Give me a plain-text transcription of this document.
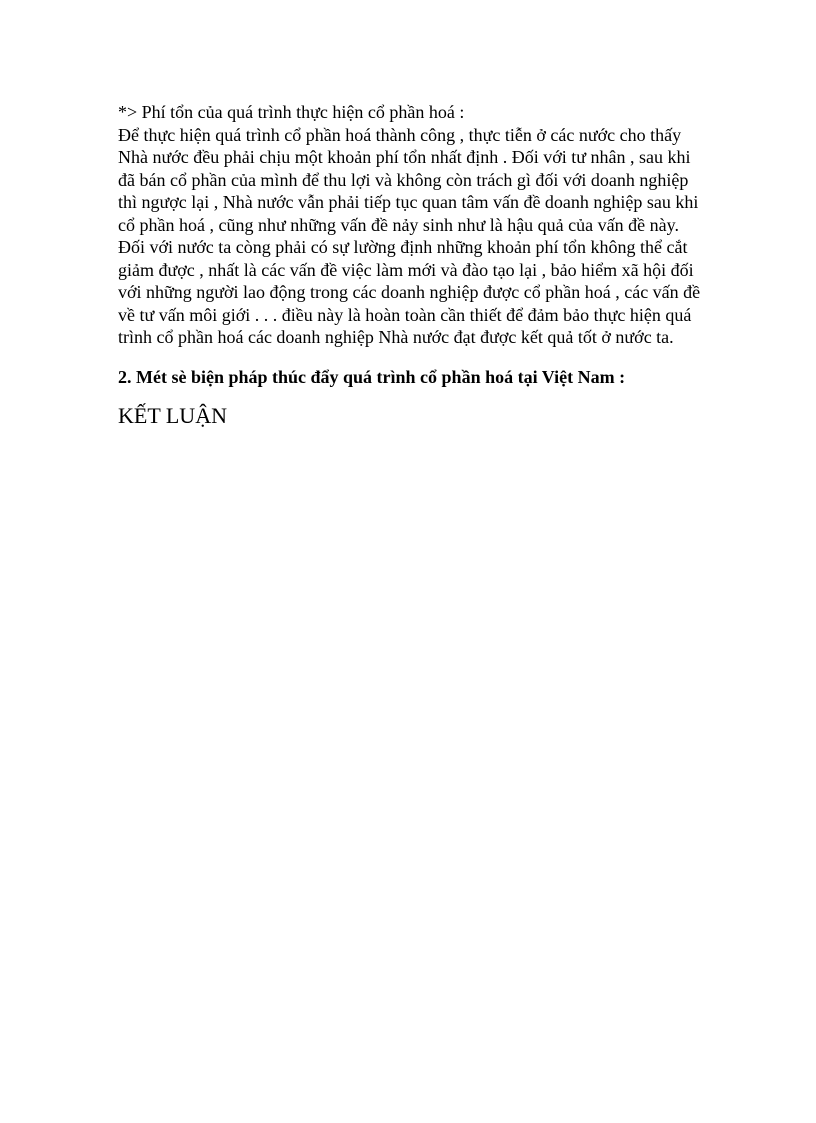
*> Phí tổn của quá trình thực hiện cổ phần hoá :

Để thực hiện quá trình cổ phần hoá thành công , thực tiễn ở các nước cho thấy
Nhà nước đều phải chịu một khoản phí tổn nhất định . Đối với tư nhân , sau khi
đã bán cổ phần của mình để thu lợi và không còn trách gì đối với doanh nghiệp
thì ngược lại , Nhà nước vẫn phải tiếp tục quan tâm vấn đề doanh nghiệp sau khi
cổ phần hoá , cũng như những vấn đề nảy sinh như là hậu quả của vấn đề này.
Đối với nước ta còng phải có sự lường định những khoản phí tổn không thể cắt
giảm được , nhất là các vấn đề việc làm mới và đào tạo lại , bảo hiểm xã hội đối
với những người lao động trong các doanh nghiệp được cổ phần hoá , các vấn đề
về tư vấn môi giới . . . điều này là hoàn toàn cần thiết để đảm bảo thực hiện quá
trình cổ phần hoá các doanh nghiệp Nhà nước đạt được kết quả tốt ở nước ta.

2. Mét sè biện pháp thúc đẩy quá trình cổ phần hoá tại Việt Nam :

KẾT LUẬN
